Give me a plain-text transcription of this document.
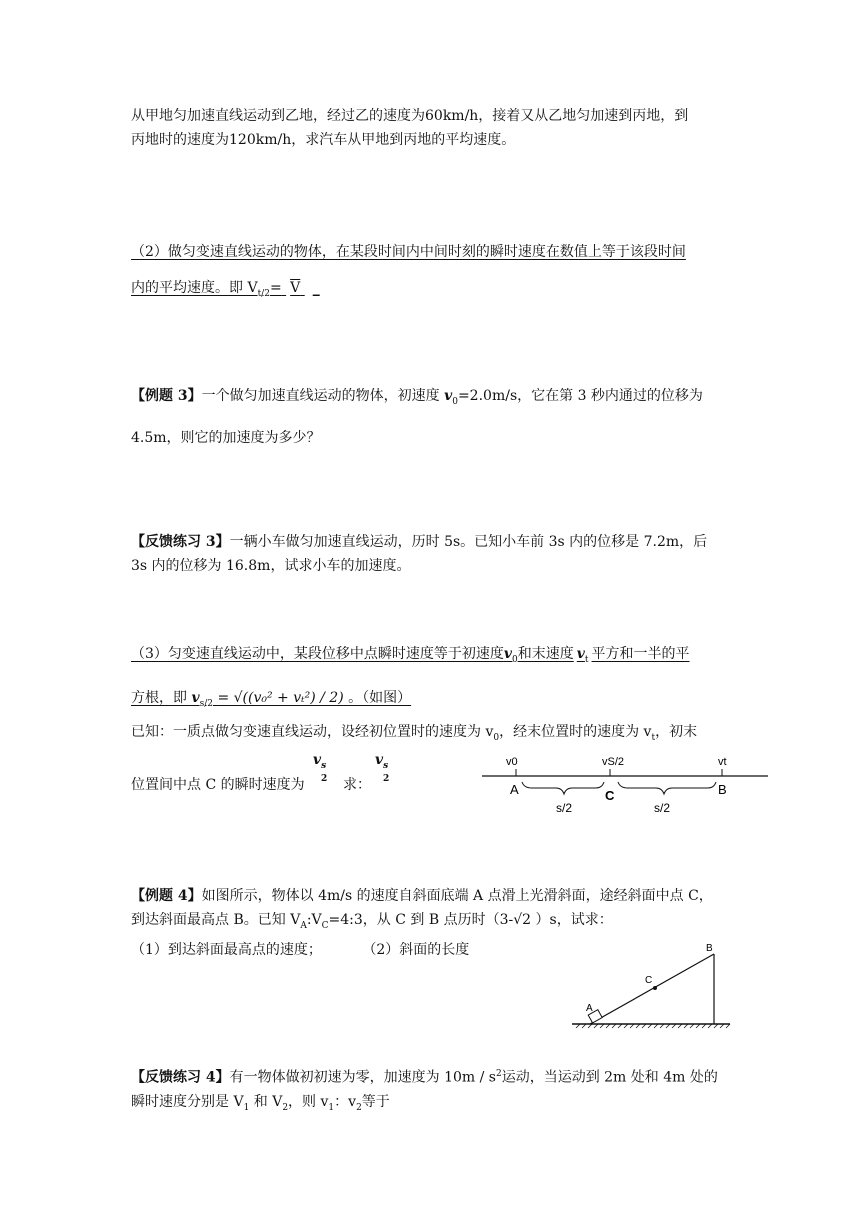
从甲地匀加速直线运动到乙地，经过乙的速度为60km/h，接着又从乙地匀加速到丙地，到
丙地时的速度为120km/h，求汽车从甲地到丙地的平均速度。
（2）做匀变速直线运动的物体，在某段时间内中间时刻的瞬时速度在数值上等于该段时间
内的平均速度。即 $V_{t/2}= V$ _
【例题 3】一个做匀加速直线运动的物体，初速度 $v_0=2.0m/s$，它在第 3 秒内通过的位移为
4.5m，则它的加速度为多少？
【反馈练习 3】一辆小车做匀加速直线运动，历时 5s。已知小车前 3s 内的位移是 7.2m，后
3s 内的位移为 16.8m，试求小车的加速度。
（3）匀变速直线运动中，某段位移中点瞬时速度等于初速度$v_0$和末速度 $v_t$ 平方和一半的平
方根，即 $v_{s/2} = √((v_0^2 + v_t^2) / 2)$ 。（如图）
已知：一质点做匀变速直线运动，设经初位置时的速度为 $v_0$，经末位置时的速度为 $v_t$，初末
位置间中点 C 的瞬时速度为
$v_s$
2 求：
$v_s$
2
v0	vS/2	vt
A	C	B
s/2	s/2
【例题 4】如图所示，物体以 4m/s 的速度自斜面底端 A 点滑上光滑斜面，途经斜面中点 C，
到达斜面最高点 B。已知 $V_A:V_C=4:3$，从 C 到 B 点历时（3-√2 ）s，试求：
（1）到达斜面最高点的速度；	（2）斜面的长度
A
B
C
【反馈练习 4】有一物体做初初速为零，加速度为 $10m / s^2$运动，当运动到 2m 处和 4m 处的
瞬时速度分别是 $V_1$ 和 $V_2$，则 $v_1$：$v_2$等于
